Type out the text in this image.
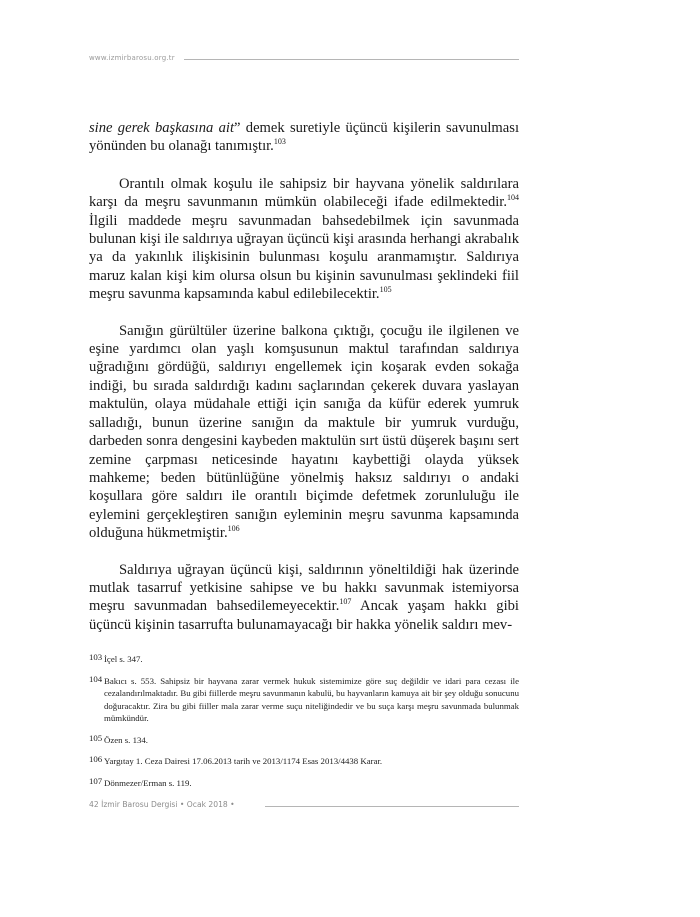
www.izmirbarosu.org.tr

sine gerek başkasına ait” demek suretiyle üçüncü kişilerin savunulması yönünden bu olanağı tanımıştır.$^{103}$

Orantılı olmak koşulu ile sahipsiz bir hayvana yönelik saldırılara karşı da meşru savunmanın mümkün olabileceği ifade edilmektedir.$^{104}$ İlgili maddede meşru savunmadan bahsedebilmek için savunmada bulunan kişi ile saldırıya uğrayan üçüncü kişi arasında herhangi akrabalık ya da yakınlık ilişkisinin bulunması koşulu aranmamıştır. Saldırıya maruz kalan kişi kim olursa olsun bu kişinin savunulması şeklindeki fiil meşru savunma kapsamında kabul edilebilecektir.$^{105}$

Sanığın gürültüler üzerine balkona çıktığı, çocuğu ile ilgilenen ve eşine yardımcı olan yaşlı komşusunun maktul tarafından saldırıya uğradığını gördüğü, saldırıyı engellemek için koşarak evden sokağa indiği, bu sırada saldırdığı kadını saçlarından çekerek duvara yaslayan maktulün, olaya müdahale ettiği için sanığa da küfür ederek yumruk salladığı, bunun üzerine sanığın da maktule bir yumruk vurduğu, darbeden sonra dengesini kaybeden maktulün sırt üstü düşerek başını sert zemine çarpması neticesinde hayatını kaybettiği olayda yüksek mahkeme; beden bütünlüğüne yönelmiş haksız saldırıyı o andaki koşullara göre saldırı ile orantılı biçimde defetmek zorunluluğu ile eylemini gerçekleştiren sanığın eyleminin meşru savunma kapsamında olduğuna hükmetmiştir.$^{106}$

Saldırıya uğrayan üçüncü kişi, saldırının yöneltildiği hak üzerinde mutlak tasarruf yetkisine sahipse ve bu hakkı savunmak istemiyorsa meşru savunmadan bahsedilemeyecektir.$^{107}$ Ancak yaşam hakkı gibi üçüncü kişinin tasarrufta bulunamayacağı bir hakka yönelik saldırı mev-

103 İçel s. 347.
104 Bakıcı s. 553. Sahipsiz bir hayvana zarar vermek hukuk sistemimize göre suç değildir ve idari para cezası ile cezalandırılmaktadır. Bu gibi fiillerde meşru savunmanın kabulü, bu hayvanların kamuya ait bir şey olduğu sonucunu doğuracaktır. Zira bu gibi fiiller mala zarar verme suçu niteliğindedir ve bu suça karşı meşru savunmada bulunmak mümkündür.
105 Özen s. 134.
106 Yargıtay 1. Ceza Dairesi 17.06.2013 tarih ve 2013/1174 Esas 2013/4438 Karar.
107 Dönmezer/Erman s. 119.
42 İzmir Barosu Dergisi • Ocak 2018 •
